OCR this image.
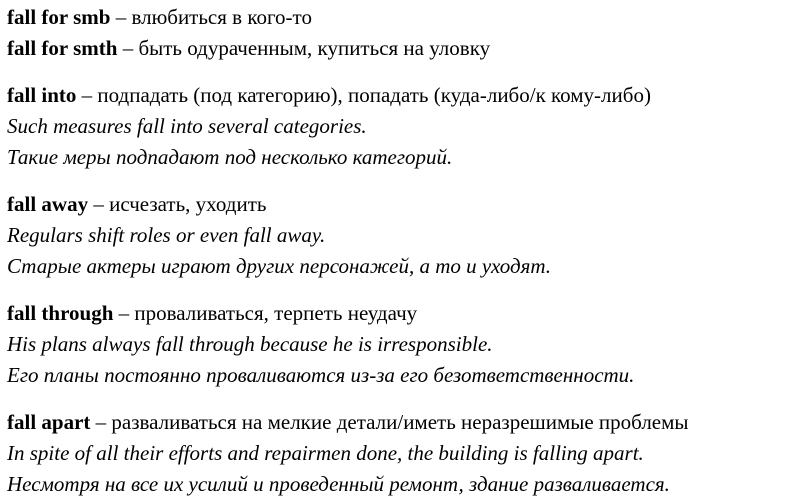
fall for smb – влюбиться в кого-то
fall for smth – быть одураченным, купиться на уловку
fall into – подпадать (под категорию), попадать (куда-либо/к кому-либо)
Such measures fall into several categories.
Такие меры подпадают под несколько категорий.
fall away – исчезать, уходить
Regulars shift roles or even fall away.
Старые актеры играют других персонажей, а то и уходят.
fall through – проваливаться, терпеть неудачу
His plans always fall through because he is irresponsible.
Его планы постоянно проваливаются из-за его безответственности.
fall apart – разваливаться на мелкие детали/иметь неразрешимые проблемы
In spite of all their efforts and repairmen done, the building is falling apart.
Несмотря на все их усилий и проведенный ремонт, здание разваливается.
